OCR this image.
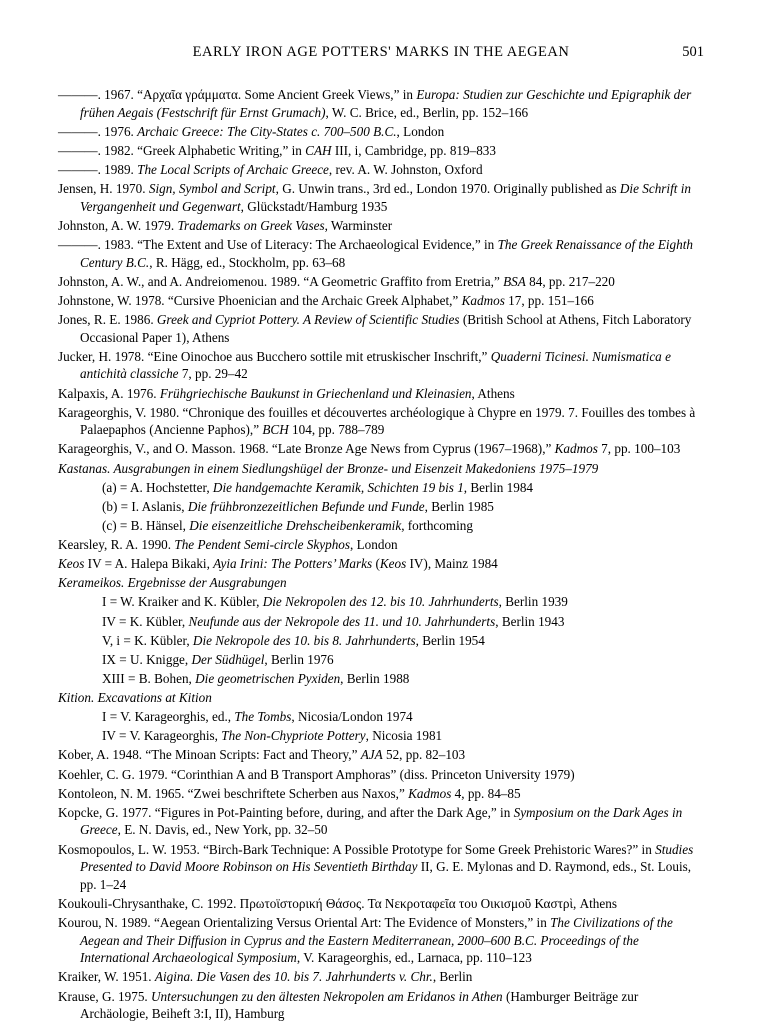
EARLY IRON AGE POTTERS' MARKS IN THE AEGEAN	501
———. 1967. “Αρχαῖα γράμματα. Some Ancient Greek Views,” in Europa: Studien zur Geschichte und Epigraphik der frühen Aegais (Festschrift für Ernst Grumach), W. C. Brice, ed., Berlin, pp. 152–166
———. 1976. Archaic Greece: The City-States c. 700–500 B.C., London
———. 1982. “Greek Alphabetic Writing,” in CAH III, i, Cambridge, pp. 819–833
———. 1989. The Local Scripts of Archaic Greece, rev. A. W. Johnston, Oxford
Jensen, H. 1970. Sign, Symbol and Script, G. Unwin trans., 3rd ed., London 1970. Originally published as Die Schrift in Vergangenheit und Gegenwart, Glückstadt/Hamburg 1935
Johnston, A. W. 1979. Trademarks on Greek Vases, Warminster
———. 1983. “The Extent and Use of Literacy: The Archaeological Evidence,” in The Greek Renaissance of the Eighth Century B.C., R. Hägg, ed., Stockholm, pp. 63–68
Johnston, A. W., and A. Andreiomenou. 1989. “A Geometric Graffito from Eretria,” BSA 84, pp. 217–220
Johnstone, W. 1978. “Cursive Phoenician and the Archaic Greek Alphabet,” Kadmos 17, pp. 151–166
Jones, R. E. 1986. Greek and Cypriot Pottery. A Review of Scientific Studies (British School at Athens, Fitch Laboratory Occasional Paper 1), Athens
Jucker, H. 1978. “Eine Oinochoe aus Bucchero sottile mit etruskischer Inschrift,” Quaderni Ticinesi. Numismatica e antichità classiche 7, pp. 29–42
Kalpaxis, A. 1976. Frühgriechische Baukunst in Griechenland und Kleinasien, Athens
Karageorghis, V. 1980. “Chronique des fouilles et découvertes archéologique à Chypre en 1979. 7. Fouilles des tombes à Palaepaphos (Ancienne Paphos),” BCH 104, pp. 788–789
Karageorghis, V., and O. Masson. 1968. “Late Bronze Age News from Cyprus (1967–1968),” Kadmos 7, pp. 100–103
Kastanas. Ausgrabungen in einem Siedlungshügel der Bronze- und Eisenzeit Makedoniens 1975–1979
(a) = A. Hochstetter, Die handgemachte Keramik, Schichten 19 bis 1, Berlin 1984
(b) = I. Aslanis, Die frühbronzezeitlichen Befunde und Funde, Berlin 1985
(c) = B. Hänsel, Die eisenzeitliche Drehscheibenkeramik, forthcoming
Kearsley, R. A. 1990. The Pendent Semi-circle Skyphos, London
Keos IV = A. Halepa Bikaki, Ayia Irini: The Potters’ Marks (Keos IV), Mainz 1984
Kerameikos. Ergebnisse der Ausgrabungen
I = W. Kraiker and K. Kübler, Die Nekropolen des 12. bis 10. Jahrhunderts, Berlin 1939
IV = K. Kübler, Neufunde aus der Nekropole des 11. und 10. Jahrhunderts, Berlin 1943
V, i = K. Kübler, Die Nekropole des 10. bis 8. Jahrhunderts, Berlin 1954
IX = U. Knigge, Der Südhügel, Berlin 1976
XIII = B. Bohen, Die geometrischen Pyxiden, Berlin 1988
Kition. Excavations at Kition
I = V. Karageorghis, ed., The Tombs, Nicosia/London 1974
IV = V. Karageorghis, The Non-Chypriote Pottery, Nicosia 1981
Kober, A. 1948. “The Minoan Scripts: Fact and Theory,” AJA 52, pp. 82–103
Koehler, C. G. 1979. “Corinthian A and B Transport Amphoras” (diss. Princeton University 1979)
Kontoleon, N. M. 1965. “Zwei beschriftete Scherben aus Naxos,” Kadmos 4, pp. 84–85
Kopcke, G. 1977. “Figures in Pot-Painting before, during, and after the Dark Age,” in Symposium on the Dark Ages in Greece, E. N. Davis, ed., New York, pp. 32–50
Kosmopoulos, L. W. 1953. “Birch-Bark Technique: A Possible Prototype for Some Greek Prehistoric Wares?” in Studies Presented to David Moore Robinson on His Seventieth Birthday II, G. E. Mylonas and D. Raymond, eds., St. Louis, pp. 1–24
Koukouli-Chrysanthake, C. 1992. Πρωτοϊστορική Θάσος. Τα Νεκροταφεῖα του Οικισμοῦ Καστρὶ, Athens
Kourou, N. 1989. “Aegean Orientalizing Versus Oriental Art: The Evidence of Monsters,” in The Civilizations of the Aegean and Their Diffusion in Cyprus and the Eastern Mediterranean, 2000–600 B.C. Proceedings of the International Archaeological Symposium, V. Karageorghis, ed., Larnaca, pp. 110–123
Kraiker, W. 1951. Aigina. Die Vasen des 10. bis 7. Jahrhunderts v. Chr., Berlin
Krause, G. 1975. Untersuchungen zu den ältesten Nekropolen am Eridanos in Athen (Hamburger Beiträge zur Archäologie, Beiheft 3:I, II), Hamburg
